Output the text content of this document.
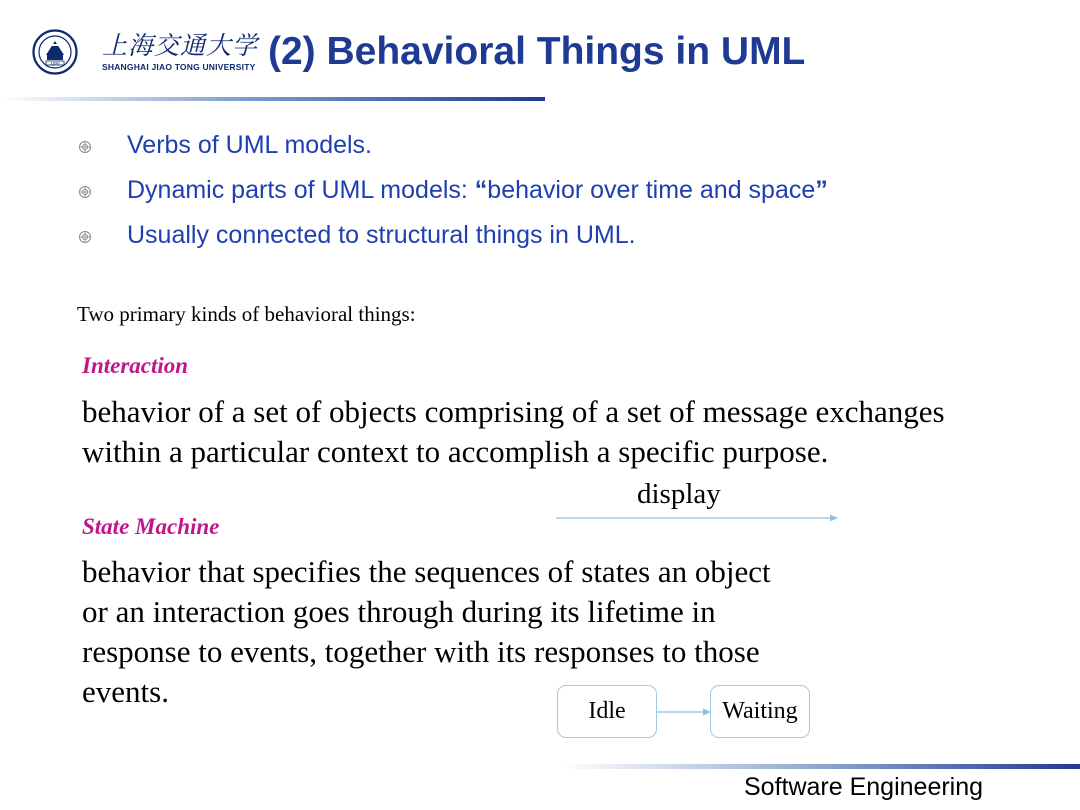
1896
上海交通大学
SHANGHAI JIAO TONG UNIVERSITY (2) Behavioral Things in UML
Verbs of UML models.
Dynamic parts of UML models: “behavior over time and space”
Usually connected to structural things in UML.
Two primary kinds of behavioral things:
Interaction
behavior of a set of objects comprising of a set of message exchanges within a particular context to accomplish a specific purpose.
display
State Machine
behavior that specifies the sequences of states an object or an interaction goes through during its lifetime in response to events, together with its responses to those events.
Idle	Waiting
Software Engineering
